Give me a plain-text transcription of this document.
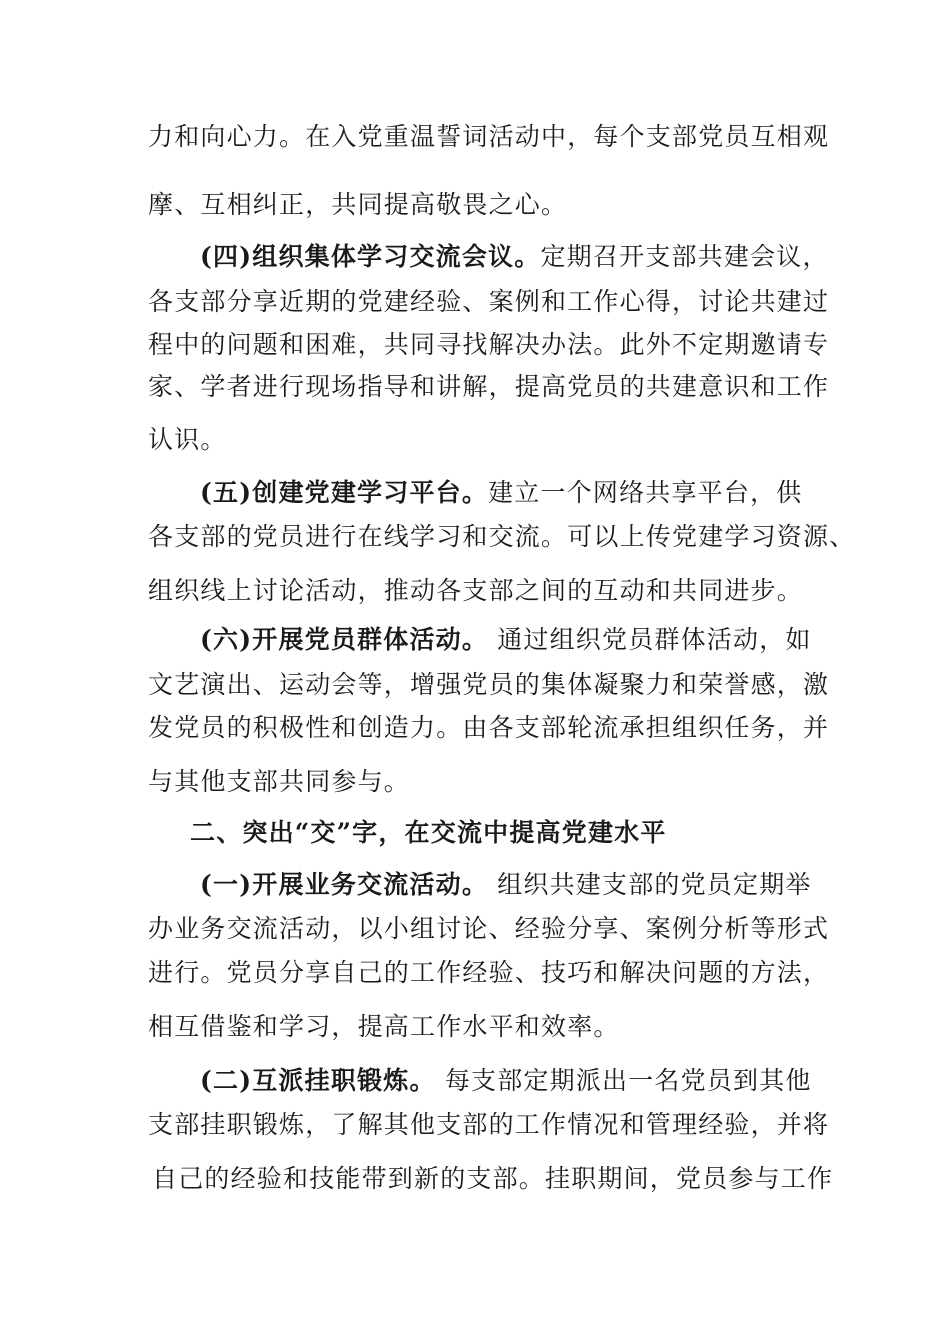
力和向心力。在入党重温誓词活动中，每个支部党员互相观
摩、互相纠正，共同提高敬畏之心。
(四)组织集体学习交流会议。定期召开支部共建会议，
各支部分享近期的党建经验、案例和工作心得，讨论共建过
程中的问题和困难，共同寻找解决办法。此外不定期邀请专
家、学者进行现场指导和讲解，提高党员的共建意识和工作
认识。
(五)创建党建学习平台。建立一个网络共享平台，供
各支部的党员进行在线学习和交流。可以上传党建学习资源、
组织线上讨论活动，推动各支部之间的互动和共同进步。
(六)开展党员群体活动。 通过组织党员群体活动，如
文艺演出、运动会等，增强党员的集体凝聚力和荣誉感，激
发党员的积极性和创造力。由各支部轮流承担组织任务，并
与其他支部共同参与。
二、突出“交”字，在交流中提高党建水平
(一)开展业务交流活动。 组织共建支部的党员定期举
办业务交流活动，以小组讨论、经验分享、案例分析等形式
进行。党员分享自己的工作经验、技巧和解决问题的方法，
相互借鉴和学习，提高工作水平和效率。
(二)互派挂职锻炼。 每支部定期派出一名党员到其他
支部挂职锻炼，了解其他支部的工作情况和管理经验，并将
自己的经验和技能带到新的支部。挂职期间，党员参与工作
